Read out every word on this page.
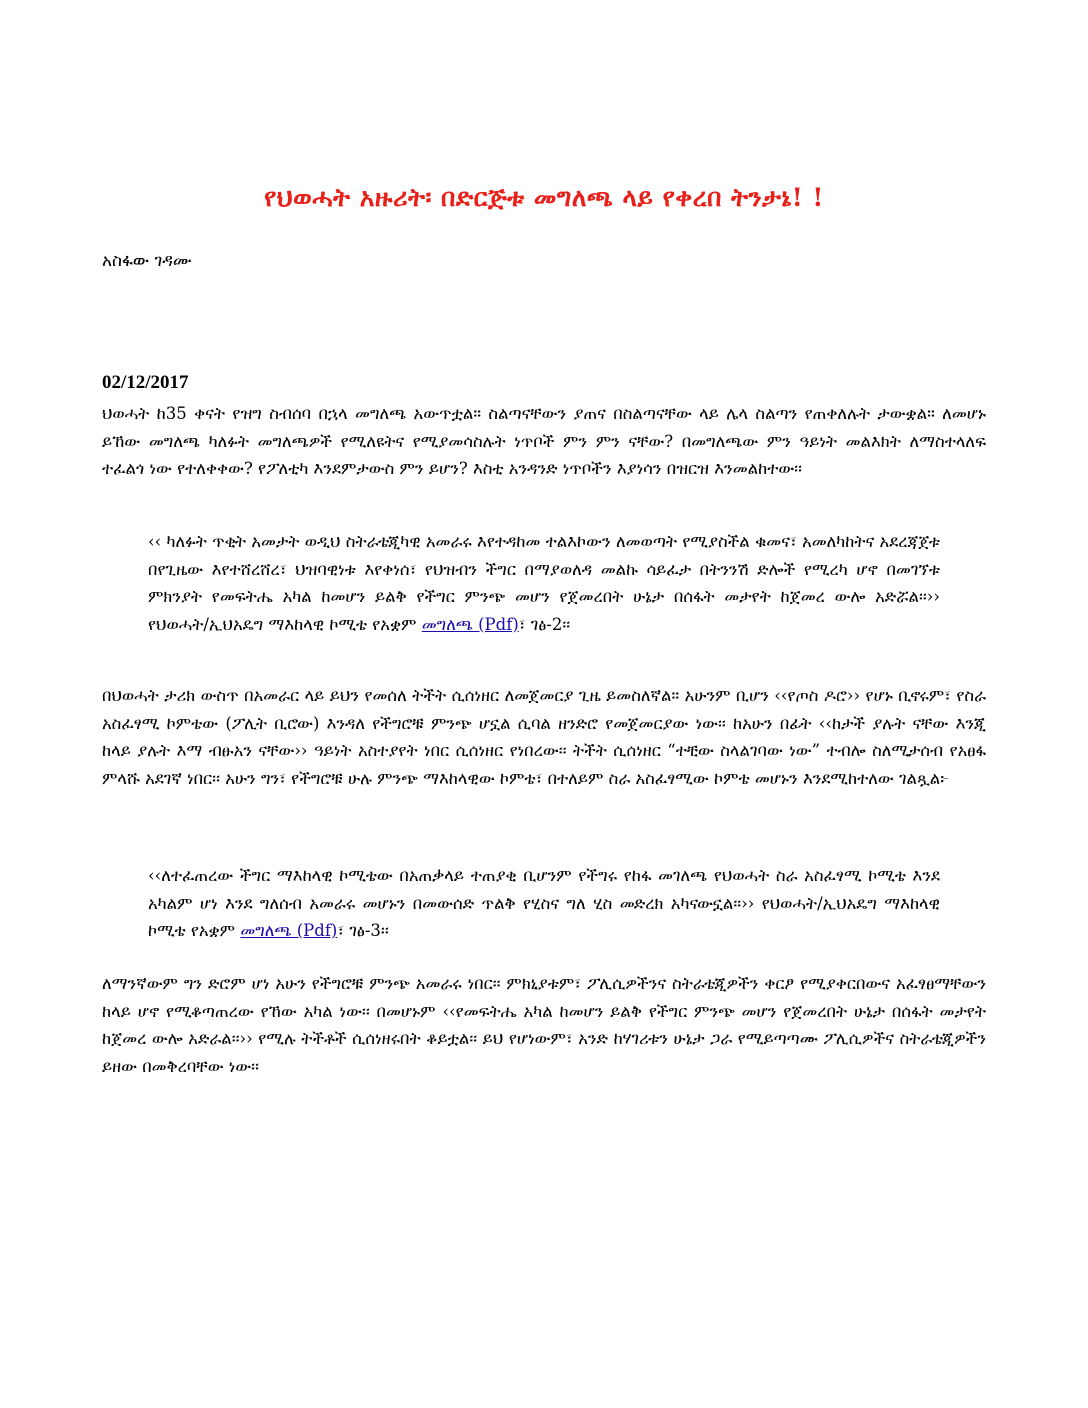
የህወሓት አዙሪት፡ በድርጅቱ መግለጫ ላይ የቀረበ ትንታኔ! !

አስፋው ገዳሙ

02/12/2017

ህወሓት ከ35 ቀናት የዝግ ስብሰባ በኋላ መግለጫ አውጥቷል። ስልጣናቸውን ያጠና በስልጣናቸው ላይ ሌላ ስልጣን የጠቀለሉት ታውቋል። ለመሆኑ ይኸው መግለጫ ካለፉት መግለጫዎች የሚለዩትና የሚያመሳስሉት ነጥቦች ምን ምን ናቸው? በመግለጫው ምን ዓይነት መልእክት ለማስተላለፍ ተፈልጎ ነው የተለቀቀው? የፖለቲካ እንደምታውስ ምን ይሆን? እስቲ አንዳንድ ነጥቦችን እያነሳን በዝርዝ እንመልከተው፡፡

‹‹ ካለፉት ጥቂት አመታት ወዲህ ስትራቴጂካዊ አመራሩ እየተዳከመ ተልእኮውን ለመወጣት የሚያስችል ቁመና፣ አመለካከትና አደረጃጀቱ በየጊዜው እየተሸረሸረ፣ ህዝባዊነቱ እየቀነሰ፣ የህዝብን ችግር በማያወለዳ መልኩ ሳይፈታ በትንንሽ ድሎች የሚረካ ሆኖ በመገኘቱ ምክንያት የመፍትሔ አካል ከመሆን ይልቅ የችግር ምንጭ መሆን የጀመረበት ሁኔታ በሰፋት መታየት ከጀመረ ውሎ አድሯል፡፡›› የህወሓት/ኢህአዴግ ማእከላዊ ኮሚቴ የአቋም መግለጫ (Pdf)፣ ገፅ-2፡፡

በህወሓት ታሪክ ውስጥ በአመራር ላይ ይህን የመሰለ ትችት ሲሰነዘር ለመጀመርያ ጊዜ ይመስለኛል። አሁንም ቢሆን ‹‹የጦስ ዶሮ›› የሆኑ ቢኖሩም፣ የስራ አስፈፃሚ ኮምቴው (ፖሊት ቢሮው) እንዳለ የችግሮቹ ምንጭ ሆኗል ሲባል ዘንድሮ የመጀመርያው ነው፡፡ ከአሁን በፊት ‹‹ከታች ያሉት ናቸው እንጂ ከላይ ያሉት እማ ብፁአን ናቸው›› ዓይነት አስተያየት ነበር ሲሰነዘር የነበረው፡፡ ትችት ሲሰነዘር “ተቺው ስላልገባው ነው” ተብሎ ስለሚታሰብ የአፀፋ ምላሹ አደገኛ ነበር፡፡ አሁን ግን፣ የችግሮቹ ሁሉ ምንጭ ማእከላዊው ኮምቴ፣ በተለይም ስራ አስፈፃሚው ኮምቴ መሆኑን እንደሚከተለው ገልጿል፦

‹‹ለተፈጠረው ችግር ማእከላዊ ኮሚቴው በአጠቃላይ ተጠያቂ ቢሆንም የችግሩ የከፋ መገለጫ የህወሓት ስራ አስፈፃሚ ኮሚቴ እንደ አካልም ሆነ እንደ ግለሰብ አመራሩ መሆኑን በመውሰድ ጥልቅ የሂስና ግለ ሂስ መድረክ አካናውኗል፡፡›› የህወሓት/ኢህአዴግ ማእከላዊ ኮሚቴ የአቋም መግለጫ (Pdf)፣ ገፅ-3፡፡

ለማንኛውም ግን ድሮም ሆነ አሁን የችግሮቹ ምንጭ አመራሩ ነበር፡፡ ምክኒያቱም፣ ፖሊሲዎችንና ስትራቴጂዎችን ቀርፆ የሚያቀርበውና አፈፃፀማቸውን ከላይ ሆኖ የሚቆጣጠረው የኸው አካል ነው፡፡ በመሆኑም ‹‹የመፍትሔ አካል ከመሆን ይልቅ የችግር ምንጭ መሆን የጀመረበት ሁኔታ በሰፋት መታየት ከጀመረ ውሎ አድራል፡፡›› የሚሉ ትችቶች ሲሰነዘሩበት ቆይቷል፡፡ ይህ የሆነውም፣ አንድ ከሃገሪቱን ሁኔታ ጋራ የሚይጣጣሙ ፖሊሲዎችና ስትራቴጂዎችን ይዘው በመቅረባቸው ነው፡፡
